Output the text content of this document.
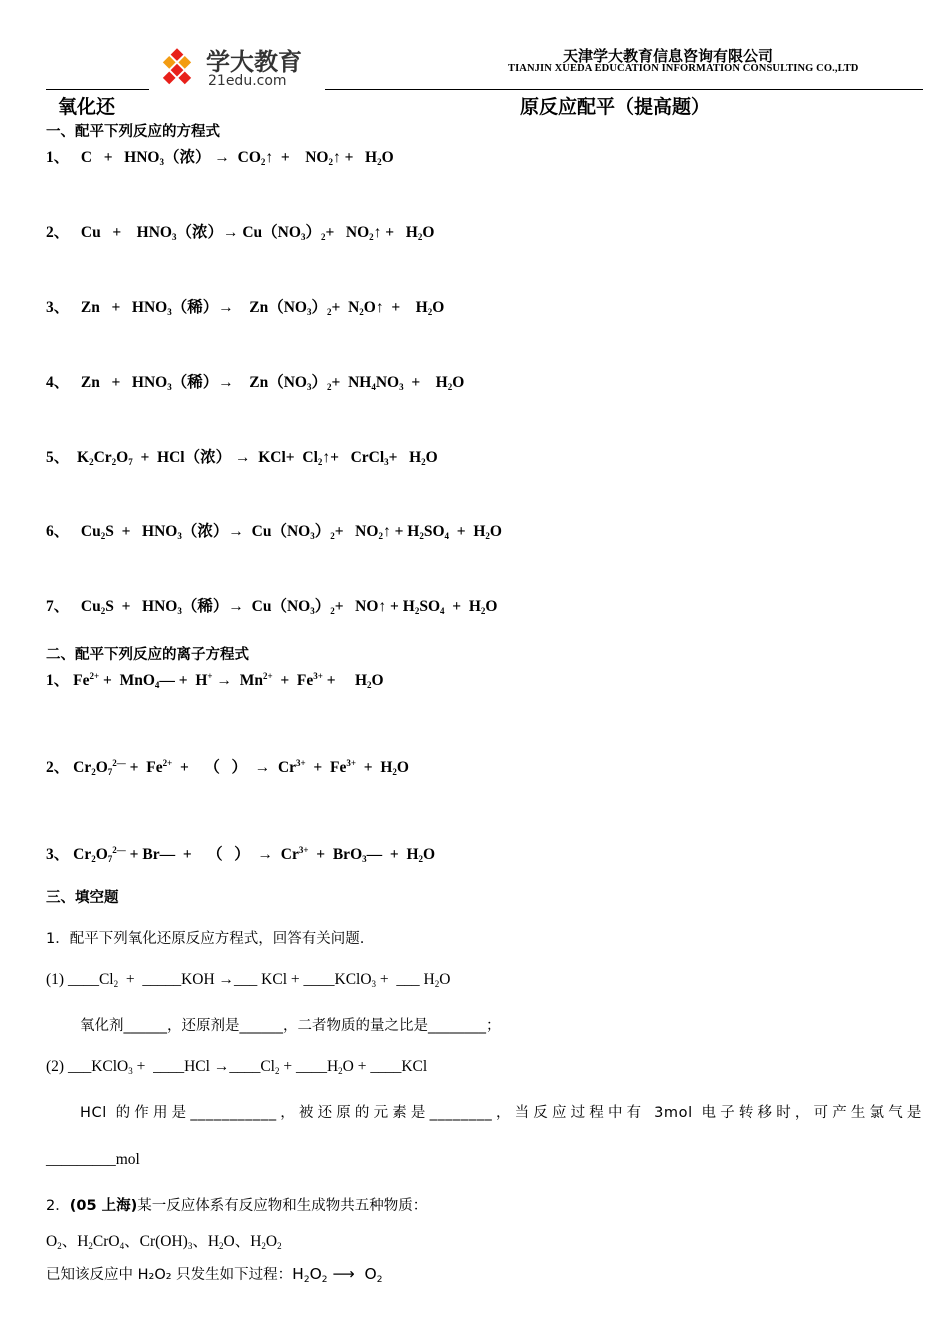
学大教育
21edu.com
天津学大教育信息咨询有限公司
TIANJIN XUEDA EDUCATION INFORMATION CONSULTING CO.,LTD
氧化还	原反应配平（提高题）
一、配平下列反应的方程式
1、   $C + HNO_3$（浓） →  $CO_2↑$  +    $NO_2↑ + H_2O$
2、   Cu   +    $HNO_3$（浓）→ $Cu(NO_3)_2+$   $NO_2↑ + H_2O$
3、   $Zn + HNO_3$（稀）→    $Zn(NO_3)_2+$  $N_2O↑$  +    $H_2O$
4、   $Zn + HNO_3$（稀）→    $Zn(NO_3)_2+ NH_4NO_3$  +    $H_2O$
5、  $K_2Cr_2O_7 + HCl$（浓） →  $KCl+ Cl_2↑+$   CrCl$_3$+   $H_2O$
6、   $Cu_2S + HNO_3$（浓）→  $Cu(NO_3)_2+$   $NO_2↑ + H_2SO_4 + H_2O$
7、   $Cu_2S + HNO_3$（稀）→  $Cu(NO_3)_2+$   NO↑ + $H_2SO_4 + H_2O$
二、配平下列反应的离子方程式
1、 $Fe^{2+}$ +  MnO$_4$— +  $H^+ \to Mn^{2+} + Fe^{3+}$ +     $H_2O$
2、 $Cr_2O_7^{2—} + Fe^{2+}$  +    （   ）  →  $Cr^{3+} + Fe^{3+} + H_2O$
3、 $Cr_2O_7^{2—}$ + Br—  +    （   ）  →  $Cr^{3+}$  +  BrO$_3$—  +  $H_2O$
三、填空题
1．配平下列氧化还原反应方程式，回答有关问题.
(1) $\_\_\_\_Cl_2$  +  _____KOH →___ KCl + ____KClO$_3$ +  ___ $H_2O$
氧化剂______，还原剂是______，二者物质的量之比是________；
(2) ___KClO$_3$ +  ____HCl $\to\_\_\_\_Cl_2$ + $\_\_\_\_H_2O$ + ____KCl
HCl 的作用是___________，被还原的元素是________，当反应过程中有 3mol 电子转移时，可产生氯气是
_________mol
2．(05 上海)某一反应体系有反应物和生成物共五种物质：
$O_2$、$H_2CrO_4$、$Cr(OH)_3$、$H_2O$、$H_2O_2$
已知该反应中 H₂O₂ 只发生如下过程：$H_2O_2$ ⟶  $O_2$
